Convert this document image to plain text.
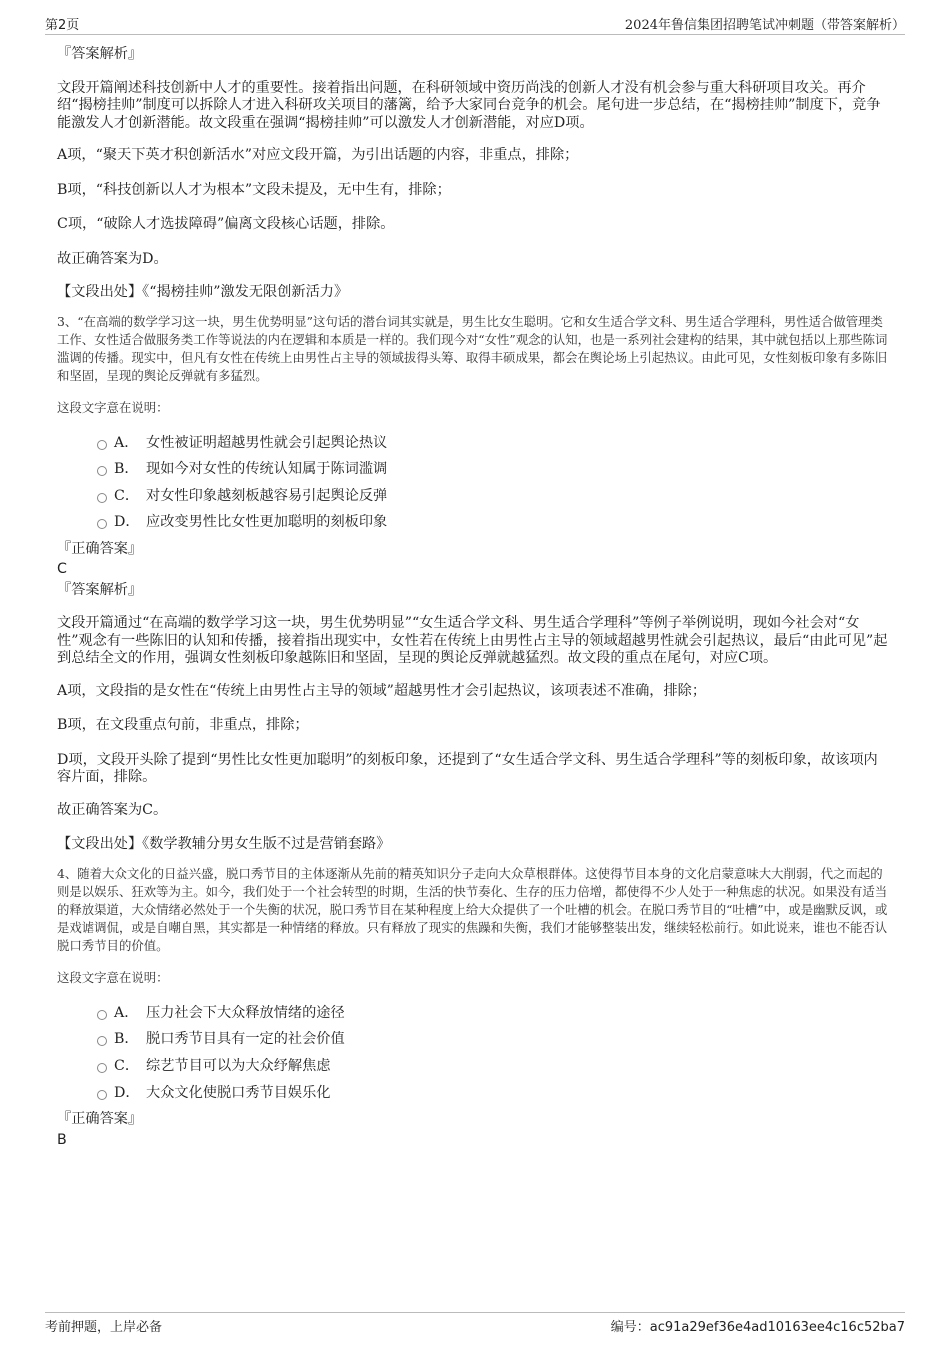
第2页	2024年鲁信集团招聘笔试冲刺题（带答案解析）

『答案解析』

文段开篇阐述科技创新中人才的重要性。接着指出问题，在科研领域中资历尚浅的创新人才没有机会参与重大科研项目攻关。再介绍“揭榜挂帅”制度可以拆除人才进入科研攻关项目的藩篱，给予大家同台竞争的机会。尾句进一步总结，在“揭榜挂帅”制度下，竞争能激发人才创新潜能。故文段重在强调“揭榜挂帅”可以激发人才创新潜能，对应D项。

A项，“聚天下英才积创新活水”对应文段开篇，为引出话题的内容，非重点，排除；

B项，“科技创新以人才为根本”文段未提及，无中生有，排除；

C项，“破除人才选拔障碍”偏离文段核心话题，排除。

故正确答案为D。

【文段出处】《“揭榜挂帅”激发无限创新活力》

3、“在高端的数学学习这一块，男生优势明显”这句话的潜台词其实就是，男生比女生聪明。它和女生适合学文科、男生适合学理科，男性适合做管理类工作、女性适合做服务类工作等说法的内在逻辑和本质是一样的。我们现今对“女性”观念的认知，也是一系列社会建构的结果，其中就包括以上那些陈词滥调的传播。现实中，但凡有女性在传统上由男性占主导的领域拔得头筹、取得丰硕成果，都会在舆论场上引起热议。由此可见，女性刻板印象有多陈旧和坚固，呈现的舆论反弹就有多猛烈。

这段文字意在说明：

A． 女性被证明超越男性就会引起舆论热议
B． 现如今对女性的传统认知属于陈词滥调
C． 对女性印象越刻板越容易引起舆论反弹
D． 应改变男性比女性更加聪明的刻板印象

『正确答案』

C

『答案解析』

文段开篇通过“在高端的数学学习这一块，男生优势明显”“女生适合学文科、男生适合学理科”等例子举例说明，现如今社会对“女性”观念有一些陈旧的认知和传播，接着指出现实中，女性若在传统上由男性占主导的领域超越男性就会引起热议，最后“由此可见”起到总结全文的作用，强调女性刻板印象越陈旧和坚固，呈现的舆论反弹就越猛烈。故文段的重点在尾句，对应C项。

A项，文段指的是女性在“传统上由男性占主导的领域”超越男性才会引起热议，该项表述不准确，排除；

B项，在文段重点句前，非重点，排除；

D项，文段开头除了提到“男性比女性更加聪明”的刻板印象，还提到了“女生适合学文科、男生适合学理科”等的刻板印象，故该项内容片面，排除。

故正确答案为C。

【文段出处】《数学教辅分男女生版不过是营销套路》

4、随着大众文化的日益兴盛，脱口秀节目的主体逐渐从先前的精英知识分子走向大众草根群体。这使得节目本身的文化启蒙意味大大削弱，代之而起的则是以娱乐、狂欢等为主。如今，我们处于一个社会转型的时期，生活的快节奏化、生存的压力倍增，都使得不少人处于一种焦虑的状况。如果没有适当的释放渠道，大众情绪必然处于一个失衡的状况，脱口秀节目在某种程度上给大众提供了一个吐槽的机会。在脱口秀节目的“吐槽”中，或是幽默反讽，或是戏谑调侃，或是自嘲自黑，其实都是一种情绪的释放。只有释放了现实的焦躁和失衡，我们才能够整装出发，继续轻松前行。如此说来，谁也不能否认脱口秀节目的价值。

这段文字意在说明：

A． 压力社会下大众释放情绪的途径
B． 脱口秀节目具有一定的社会价值
C． 综艺节目可以为大众纾解焦虑
D． 大众文化使脱口秀节目娱乐化

『正确答案』

B

考前押题，上岸必备	编号：ac91a29ef36e4ad10163ee4c16c52ba7
